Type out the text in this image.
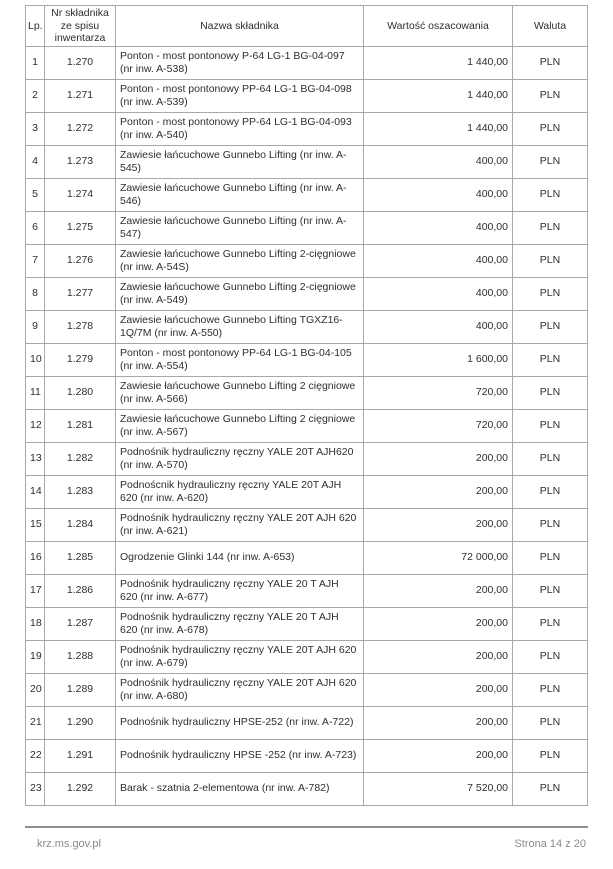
Lp.	Nr składnika ze spisu inwentarza	Nazwa składnika	Wartość oszacowania	Waluta
1	1.270	Ponton - most pontonowy P-64 LG-1 BG-04-097 (nr inw. A-538)	1 440,00	PLN
2	1.271	Ponton - most pontonowy PP-64 LG-1 BG-04-098 (nr inw. A-539)	1 440,00	PLN
3	1.272	Ponton - most pontonowy PP-64 LG-1 BG-04-093 (nr inw. A-540)	1 440,00	PLN
4	1.273	Zawiesie łańcuchowe Gunnebo Lifting (nr inw. A-545)	400,00	PLN
5	1.274	Zawiesie łańcuchowe Gunnebo Lifting (nr inw. A-546)	400,00	PLN
6	1.275	Zawiesie łańcuchowe Gunnebo Lifting (nr inw. A-547)	400,00	PLN
7	1.276	Zawiesie łańcuchowe Gunnebo Lifting 2-cięgniowe (nr inw. A-54S)	400,00	PLN
8	1.277	Zawiesie łańcuchowe Gunnebo Lifting 2-cięgniowe (nr inw. A-549)	400,00	PLN
9	1.278	Zawiesie łańcuchowe Gunnebo Lifting TGXZ16-1Q/7M (nr inw. A-550)	400,00	PLN
10	1.279	Ponton - most pontonowy PP-64 LG-1 BG-04-105 (nr inw. A-554)	1 600,00	PLN
11	1.280	Zawiesie łańcuchowe Gunnebo Lifting 2 cięgniowe (nr inw. A-566)	720,00	PLN
12	1.281	Zawiesie łańcuchowe Gunnebo Lifting 2 cięgniowe (nr inw. A-567)	720,00	PLN
13	1.282	Podnośnik hydrauliczny ręczny YALE 20T AJH620 (nr inw. A-570)	200,00	PLN
14	1.283	Podnoścnik hydrauliczny ręczny YALE 20T AJH 620 (nr inw. A-620)	200,00	PLN
15	1.284	Podnośnik hydrauliczny ręczny YALE 20T AJH 620 (nr inw. A-621)	200,00	PLN
16	1.285	Ogrodzenie Glinki 144 (nr inw. A-653)	72 000,00	PLN
17	1.286	Podnośnik hydrauliczny ręczny YALE 20 T AJH 620 (nr inw. A-677)	200,00	PLN
18	1.287	Podnośnik hydrauliczny ręczny YALE 20 T AJH 620 (nr inw. A-678)	200,00	PLN
19	1.288	Podnośnik hydrauliczny ręczny YALE 20T AJH 620 (nr inw. A-679)	200,00	PLN
20	1.289	Podnośnik hydrauliczny ręczny YALE 20T AJH 620 (nr inw. A-680)	200,00	PLN
21	1.290	Podnośnik hydrauliczny HPSE-252 (nr inw. A-722)	200,00	PLN
22	1.291	Podnośnik hydrauliczny HPSE -252 (nr inw. A-723)	200,00	PLN
23	1.292	Barak - szatnia 2-elementowa (nr inw. A-782)	7 520,00	PLN
krz.ms.gov.pl	Strona 14 z 20
